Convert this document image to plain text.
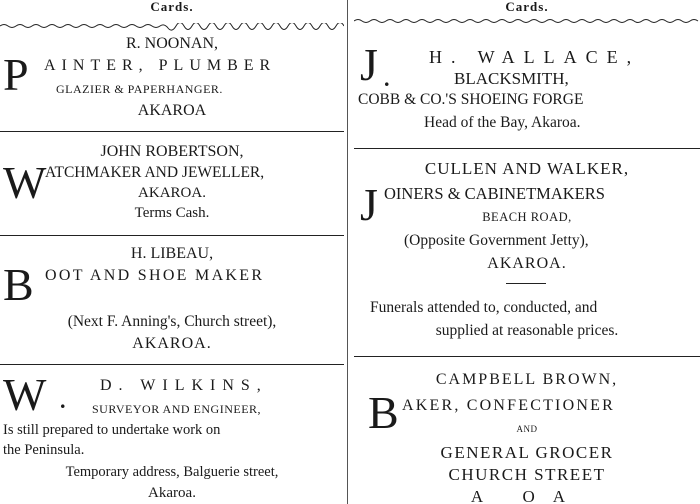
Cards.
R. NOONAN,
P AINTER, PLUMBER
GLAZIER & PAPERHANGER.
AKAROA
JOHN ROBERTSON,
W
ATCHMAKER AND JEWELLER,
AKAROA.
Terms Cash.
H. LIBEAU,
B OOT AND SHOE MAKER
(Next F. Anning's, Church street),
AKAROA.
W .
D. WILKINS,
SURVEYOR AND ENGINEER,
Is still prepared to undertake work on
the Peninsula.
Temporary address, Balguerie street,
Akaroa.
Cards.
J .
H. WALLACE,
BLACKSMITH,
COBB & CO.'S SHOEING FORGE
Head of the Bay, Akaroa.
CULLEN AND WALKER,
J OINERS & CABINETMAKERS
BEACH ROAD,
(Opposite Government Jetty),
AKAROA.
Funerals attended to, conducted, and
supplied at reasonable prices.
CAMPBELL BROWN,
B AKER, CONFECTIONER
AND
GENERAL GROCER
CHURCH STREET
A OA
